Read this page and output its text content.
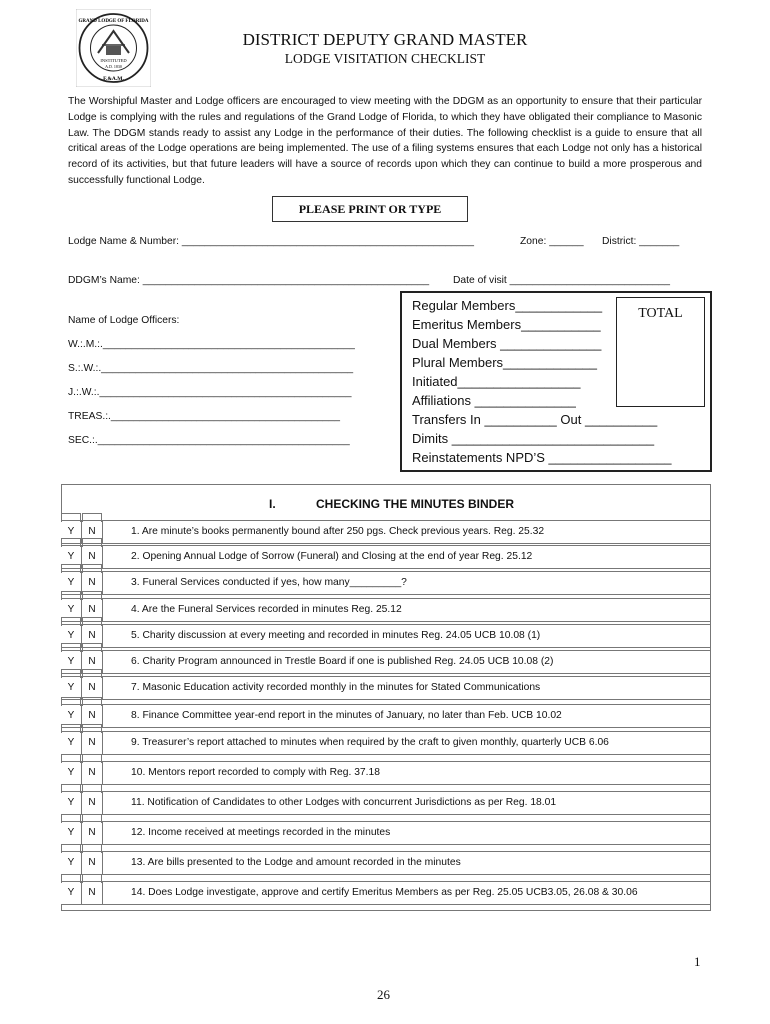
INSTITUTED
A.D. 1830
GRAND LODGE OF FLORIDA
F.&A.M.
DISTRICT DEPUTY GRAND MASTER
LODGE VISITATION CHECKLIST
The Worshipful Master and Lodge officers are encouraged to view meeting with the DDGM as an opportunity to ensure that their particular Lodge is complying with the rules and regulations of the Grand Lodge of Florida, to which they have obligated their compliance to Masonic Law. The DDGM stands ready to assist any Lodge in the performance of their duties. The following checklist is a guide to ensure that all critical areas of the Lodge operations are being implemented. The use of a filing systems ensures that each Lodge not only has a historical record of its activities, but that future leaders will have a source of records upon which they can continue to build a more prosperous and successfully functional Lodge.
PLEASE PRINT OR TYPE
Lodge Name & Number: ___________________________________________________	Zone: ______ District: _______
DDGM’s Name: __________________________________________________ Date of visit ____________________________
Name of Lodge Officers:
W.:.M.:.____________________________________________
S.:.W.:.____________________________________________
J.:.W.:.____________________________________________
TREAS.:.________________________________________
SEC.:.____________________________________________
TOTAL
Regular Members____________
Emeritus Members___________
Dual Members ______________
Plural Members_____________
Initiated_________________
Affiliations ______________
Transfers In __________ Out __________
Dimits ____________________________
Reinstatements NPD’S _________________
I.	CHECKING THE MINUTES BINDER
Y	N	1. Are minute’s books permanently bound after 250 pgs. Check previous years. Reg. 25.32
Y	N	2. Opening Annual Lodge of Sorrow (Funeral) and Closing at the end of year Reg. 25.12
Y	N	3. Funeral Services conducted if yes, how many_________?
Y	N	4. Are the Funeral Services recorded in minutes Reg. 25.12
Y	N	5. Charity discussion at every meeting and recorded in minutes Reg. 24.05 UCB 10.08 (1)
Y	N	6. Charity Program announced in Trestle Board if one is published Reg. 24.05 UCB 10.08 (2)
Y	N	7. Masonic Education activity recorded monthly in the minutes for Stated Communications
Y	N	8. Finance Committee year-end report in the minutes of January, no later than Feb. UCB 10.02
Y	N	9. Treasurer’s report attached to minutes when required by the craft to given monthly, quarterly UCB 6.06
Y	N	10. Mentors report recorded to comply with Reg. 37.18
Y	N	11. Notification of Candidates to other Lodges with concurrent Jurisdictions as per Reg. 18.01
Y	N	12. Income received at meetings recorded in the minutes
Y	N	13. Are bills presented to the Lodge and amount recorded in the minutes
Y	N	14. Does Lodge investigate, approve and certify Emeritus Members as per Reg. 25.05 UCB3.05, 26.08 & 30.06
1
26
